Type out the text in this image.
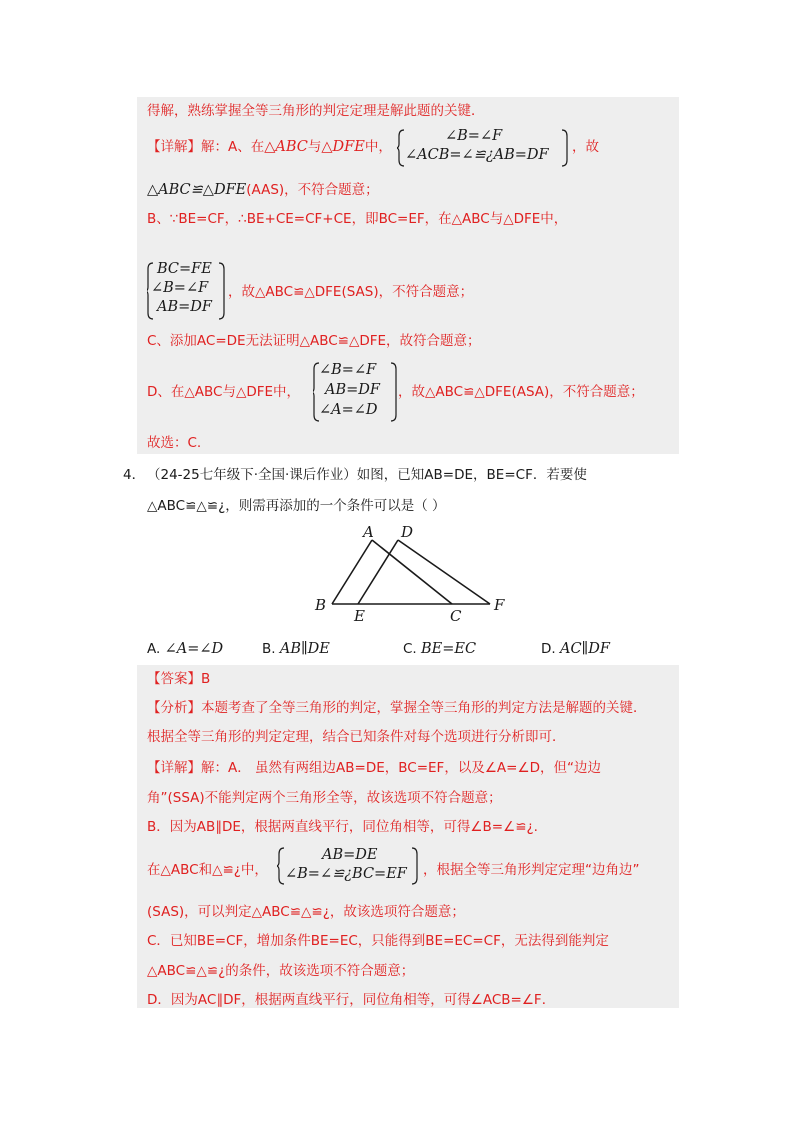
得解，熟练掌握全等三角形的判定定理是解此题的关键．
【详解】解：A、在△ABC与△DFE中，
∠B=∠F
∠ACB=∠≌¿AB=DF ，故
△ABC≌△DFE(AAS)，不符合题意；
B、∵BE=CF，∴BE+CE=CF+CE，即BC=EF，在△ABC与△DFE中，
BC=FE
∠B=∠F
AB=DF
，故△ABC≌△DFE(SAS)，不符合题意；
C、添加AC=DE无法证明△ABC≌△DFE，故符合题意；
D、在△ABC与△DFE中，
∠B=∠F
AB=DF
∠A=∠D
，故△ABC≌△DFE(ASA)，不符合题意；
故选：C.
4． （24-25七年级下·全国·课后作业）如图，已知AB=DE，BE=CF．若要使
△ABC≌△≌¿，则需再添加的一个条件可以是（ ）
A D
B
E	C
F
A. ∠A=∠D	B. AB∥DE	C. BE=EC	D. AC∥DF
【答案】B
【分析】本题考查了全等三角形的判定，掌握全等三角形的判定方法是解题的关键．
根据全等三角形的判定定理，结合已知条件对每个选项进行分析即可．
【详解】解：A． 虽然有两组边AB=DE，BC=EF，以及∠A=∠D，但“边边
角”(SSA)不能判定两个三角形全等，故该选项不符合题意；
B．因为AB∥DE，根据两直线平行，同位角相等，可得∠B=∠≌¿.
在△ABC和△≌¿中，
AB=DE
∠B=∠≌¿BC=EF ，根据全等三角形判定定理“边角边”
(SAS)，可以判定△ABC≌△≌¿，故该选项符合题意；
C．已知BE=CF，增加条件BE=EC，只能得到BE=EC=CF，无法得到能判定
△ABC≌△≌¿的条件，故该选项不符合题意；
D．因为AC∥DF，根据两直线平行，同位角相等，可得∠ACB=∠F．
